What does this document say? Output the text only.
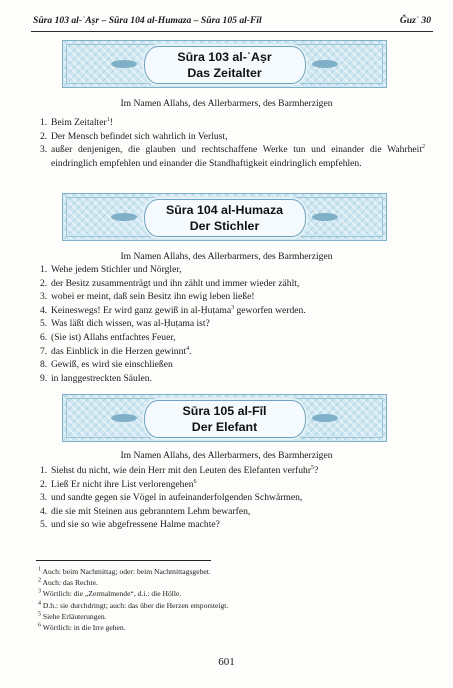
Sūra 103 al-ʿAṣr – Sūra 104 al-Humaza – Sūra 105 al-Fīl	Ǧuzʾ 30
Sūra 103 al-ʿAṣr
Das Zeitalter
Im Namen Allahs, des Allerbarmers, des Barmherzigen
1. Beim Zeitalter$^1$!
2. Der Mensch befindet sich wahrlich in Verlust,
3. außer denjenigen, die glauben und rechtschaffene Werke tun und einander die Wahrheit$^2$ eindringlich empfehlen und einander die Standhaftigkeit eindringlich empfehlen.
Sūra 104 al-Humaza
Der Stichler
Im Namen Allahs, des Allerbarmers, des Barmherzigen
1. Wehe jedem Stichler und Nörgler,
2. der Besitz zusammenträgt und ihn zählt und immer wieder zählt,
3. wobei er meint, daß sein Besitz ihn ewig leben ließe!
4. Keineswegs! Er wird ganz gewiß in al-Ḥuṭama$^3$ geworfen werden.
5. Was läßt dich wissen, was al-Ḥuṭama ist?
6. (Sie ist) Allahs entfachtes Feuer,
7. das Einblick in die Herzen gewinnt$^4$.
8. Gewiß, es wird sie einschließen
9. in langgestreckten Säulen.
Sūra 105 al-Fīl
Der Elefant
Im Namen Allahs, des Allerbarmers, des Barmherzigen
1. Siehst du nicht, wie dein Herr mit den Leuten des Elefanten verfuhr$^5$?
2. Ließ Er nicht ihre List verlorengehen$^6$
3. und sandte gegen sie Vögel in aufeinanderfolgenden Schwärmen,
4. die sie mit Steinen aus gebranntem Lehm bewarfen,
5. und sie so wie abgefressene Halme machte?
$^1$ Auch: beim Nachmittag; oder: beim Nachmittagsgebet.
$^2$ Auch: das Rechte.
$^3$ Wörtlich: die „Zermalmende“, d.i.: die Hölle.
$^4$ D.h.: sie durchdringt; auch: das über die Herzen emporsteigt.
$^5$ Siehe Erläuterungen.
$^6$ Wörtlich: in die Irre gehen.
601
